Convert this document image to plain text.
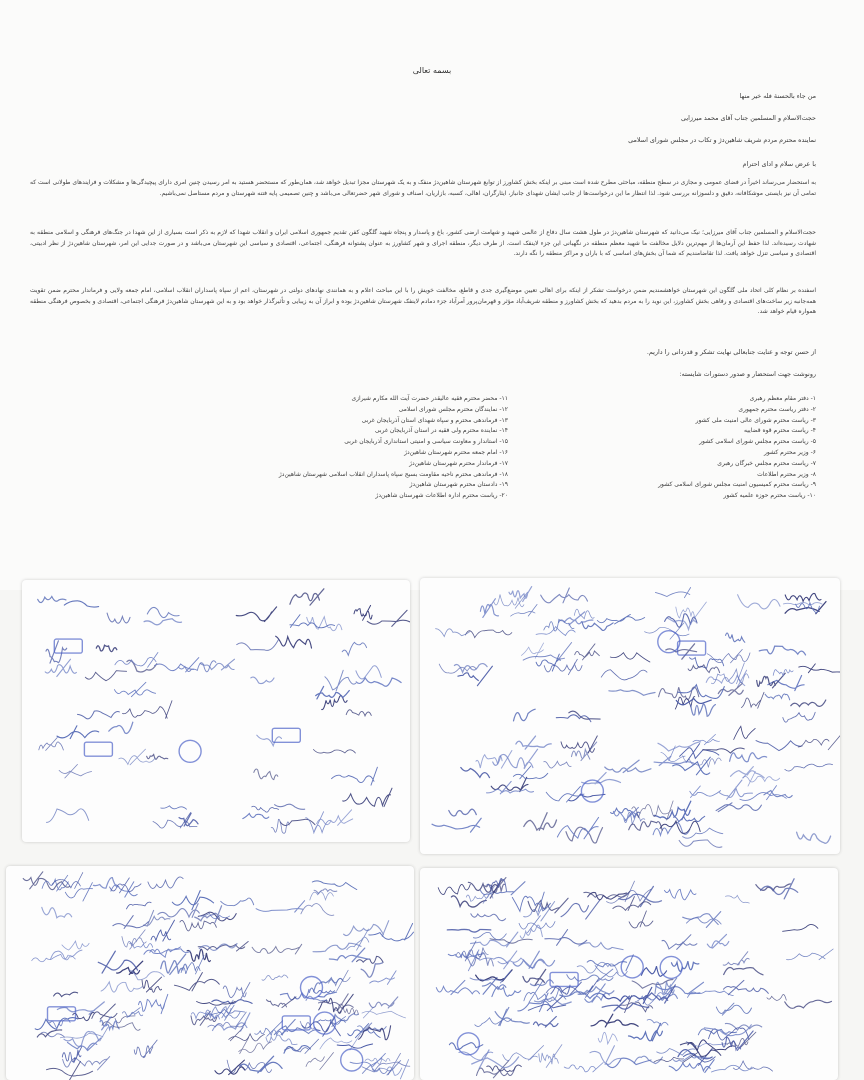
بسمه تعالی
من جاء بالحسنة فله خیر منها
حجت‌الاسلام و المسلمین جناب آقای محمد میرزایی
نماینده محترم مردم شریف شاهین‌دژ و تکاب در مجلس شورای اسلامی
با عرض سلام و ادای احترام
به استحضار می‌رساند اخیراً در فضای عمومی و مجازی در سطح منطقه، مباحثی مطرح شده است مبنی بر اینکه بخش کشاورز از توابع شهرستان شاهین‌دژ منفک و به یک شهرستان مجزا تبدیل خواهد شد، همان‌طور که مستحضر هستید به امر رسیدن چنین امری دارای پیچیدگی‌ها و مشکلات و فرایندهای طولانی است که تمامی آن نیز بایستی موشکافانه، دقیق و دلسوزانه بررسی شود. لذا انتظار ما این درخواست‌ها از جانب ایشان شهدای جانباز، ایثارگران، اهالی، کسبه، بازاریان، اصناف و شورای شهر حضرتعالی می‌باشد و چنین تصمیمی پایه فتنه شهرستان و مردم مستاصل نمی‌باشیم.
حجت‌الاسلام و المسلمین جناب آقای میرزایی؛ نیک می‌دانید که شهرستان شاهین‌دژ در طول هشت سال دفاع از عالمی شهید و شهامت ارضی کشور، باغ و پاسدار و پنجاه شهید گلگون کفن تقدیم جمهوری اسلامی ایران و انقلاب شهدا که لازم به ذکر است بسیاری از این شهدا در جنگ‌های فرهنگی و اسلامی منطقه به شهادت رسیده‌اند. لذا حفظ این آرمان‌ها از مهم‌ترین دلایل مخالفت ما شهید معظم منطقه در نگهبانی این جزء لاینفک است. از طرف دیگر، منطقه اجرای و شهر کشاورز به عنوان پشتوانه فرهنگی، اجتماعی، اقتصادی و سیاسی این شهرستان می‌باشد و در صورت جدایی این امر، شهرستان شاهین‌دژ از نظر ادبیتی، اقتصادی و سیاسی تنزل خواهد یافت. لذا تقاضامندیم که شما آن بخش‌های اساسی که با باران و مراکز منطقه را نگه دارند.
اسفنده بر نظام کلی اتحاد ملی گلگون این شهرستان خواهشمندیم ضمن درخواست تشکر از اینکه برای اهالی تعیین موضع‌گیری جدی و قاطع، مخالفت خویش را با این مباحث اعلام و به همانندی نهادهای دولتی در شهرستان، اعم از سپاه پاسداران انقلاب اسلامی، امام جمعه ولایی و فرماندار محترم ضمن تقویت همه‌جانبه زیر ساخت‌های اقتصادی و رفاهی بخش کشاورز، این نوید را به مردم بدهید که بخش کشاورز و منطقه شریف‌آباد مؤثر و قهرمان‌پرور آمرآباد جزء دمادم لاینفک شهرستان شاهین‌دژ بوده و ابراز آن به زیبایی و تأثیرگذار خواهد بود و به این شهرستان شاهین‌دژ فرهنگی اجتماعی، اقتصادی و بخصوص فرهنگی منطقه همواره قیام خواهد شد.
از حسن توجه و عنایت جنابعالی نهایت تشکر و قدردانی را داریم.
رونوشت جهت استحضار و صدور دستورات شایسته:
۱- دفتر مقام معظم رهبری
۲- دفتر ریاست محترم جمهوری
۳- ریاست محترم شورای عالی امنیت ملی کشور
۴- ریاست محترم قوه قضاییه
۵- ریاست محترم مجلس شورای اسلامی کشور
۶- وزیر محترم کشور
۷- ریاست محترم مجلس خبرگان رهبری
۸- وزیر محترم اطلاعات
۹- ریاست محترم کمیسیون امنیت مجلس شورای اسلامی کشور
۱۰- ریاست محترم حوزه علمیه کشور
۱۱- محضر محترم فقیه عالیقدر حضرت آیت الله مکارم شیرازی
۱۲- نمایندگان محترم مجلس شورای اسلامی
۱۳- فرماندهی محترم و سپاه شهدای استان آذربایجان غربی
۱۴- نماینده محترم ولی فقیه در استان آذربایجان غربی
۱۵- استاندار و معاونت سیاسی و امنیتی استانداری آذربایجان غربی
۱۶- امام جمعه محترم شهرستان شاهین‌دژ
۱۷- فرماندار محترم شهرستان شاهین‌دژ
۱۸- فرماندهی محترم ناحیه مقاومت بسیج سپاه پاسداران انقلاب اسلامی شهرستان شاهین‌دژ
۱۹- دادستان محترم شهرستان شاهین‌دژ
۲۰- ریاست محترم اداره اطلاعات شهرستان شاهین‌دژ
